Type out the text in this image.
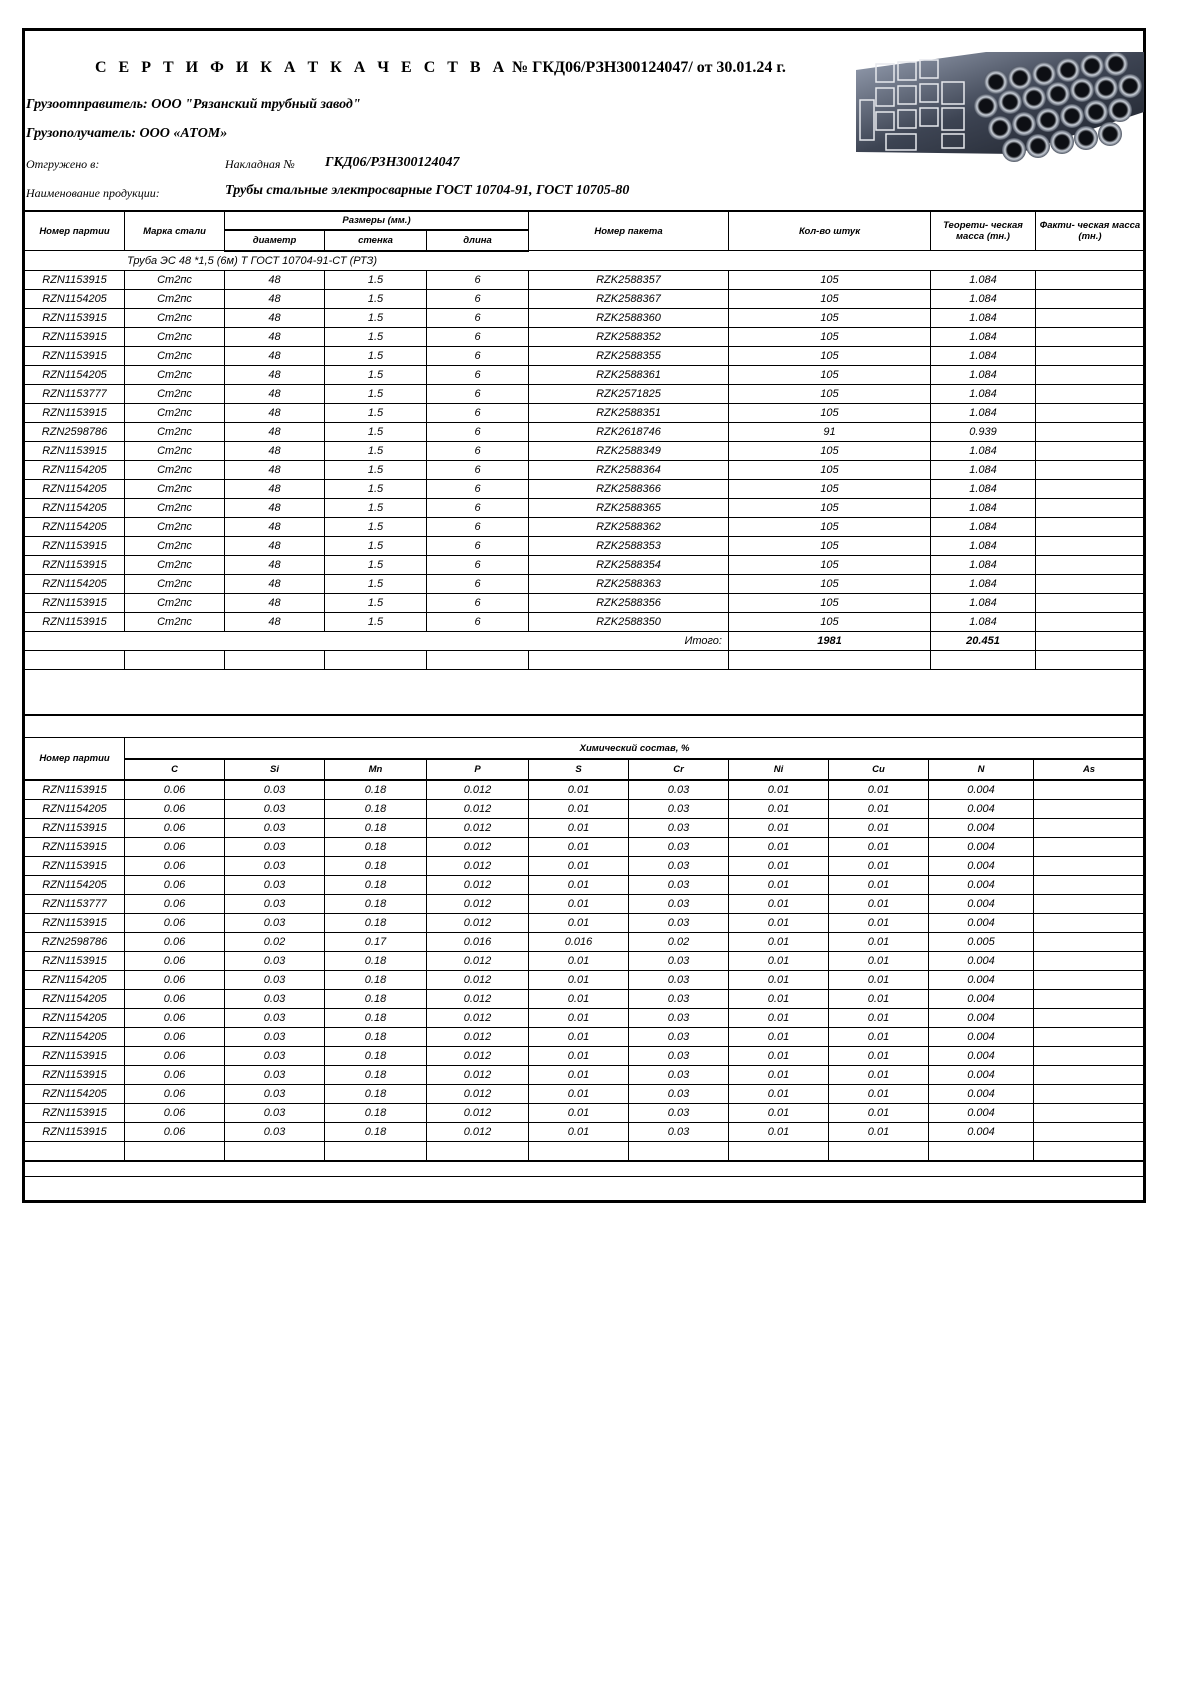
С Е Р Т И Ф И К А Т К А Ч Е С Т В А № ГКД06/РЗН300124047/ от 30.01.24 г.
Грузоотправитель: ООО "Рязанский трубный завод"
Грузополучатель: ООО «АТОМ»
Отгружено в:	Накладная № ГКД06/РЗН300124047
Наименование продукции:	Трубы стальные электросварные ГОСТ 10704-91, ГОСТ 10705-80
Номер партии	Марка стали	Размеры (мм.)			Номер пакета	Кол-во штук	Теорети- ческая масса (тн.)	Факти- ческая масса (тн.)
		диаметр	стенка	длина				
Труба ЭС 48 *1,5 (6м) Т ГОСТ 10704-91-СТ (РТЗ)								
RZN1153915	Ст2пс	48	1.5	6	RZK2588357	105	1.084	
RZN1154205	Ст2пс	48	1.5	6	RZK2588367	105	1.084	
RZN1153915	Ст2пс	48	1.5	6	RZK2588360	105	1.084	
RZN1153915	Ст2пс	48	1.5	6	RZK2588352	105	1.084	
RZN1153915	Ст2пс	48	1.5	6	RZK2588355	105	1.084	
RZN1154205	Ст2пс	48	1.5	6	RZK2588361	105	1.084	
RZN1153777	Ст2пс	48	1.5	6	RZK2571825	105	1.084	
RZN1153915	Ст2пс	48	1.5	6	RZK2588351	105	1.084	
RZN2598786	Ст2пс	48	1.5	6	RZK2618746	91	0.939	
RZN1153915	Ст2пс	48	1.5	6	RZK2588349	105	1.084	
RZN1154205	Ст2пс	48	1.5	6	RZK2588364	105	1.084	
RZN1154205	Ст2пс	48	1.5	6	RZK2588366	105	1.084	
RZN1154205	Ст2пс	48	1.5	6	RZK2588365	105	1.084	
RZN1154205	Ст2пс	48	1.5	6	RZK2588362	105	1.084	
RZN1153915	Ст2пс	48	1.5	6	RZK2588353	105	1.084	
RZN1153915	Ст2пс	48	1.5	6	RZK2588354	105	1.084	
RZN1154205	Ст2пс	48	1.5	6	RZK2588363	105	1.084	
RZN1153915	Ст2пс	48	1.5	6	RZK2588356	105	1.084	
RZN1153915	Ст2пс	48	1.5	6	RZK2588350	105	1.084	
Итого:						1981	20.451	

Номер партии	Химический состав, %									
	C	Si	Mn	P	S	Cr	Ni	Cu	N	As
RZN1153915	0.06	0.03	0.18	0.012	0.01	0.03	0.01	0.01	0.004	
RZN1154205	0.06	0.03	0.18	0.012	0.01	0.03	0.01	0.01	0.004	
RZN1153915	0.06	0.03	0.18	0.012	0.01	0.03	0.01	0.01	0.004	
RZN1153915	0.06	0.03	0.18	0.012	0.01	0.03	0.01	0.01	0.004	
RZN1153915	0.06	0.03	0.18	0.012	0.01	0.03	0.01	0.01	0.004	
RZN1154205	0.06	0.03	0.18	0.012	0.01	0.03	0.01	0.01	0.004	
RZN1153777	0.06	0.03	0.18	0.012	0.01	0.03	0.01	0.01	0.004	
RZN1153915	0.06	0.03	0.18	0.012	0.01	0.03	0.01	0.01	0.004	
RZN2598786	0.06	0.02	0.17	0.016	0.016	0.02	0.01	0.01	0.005	
RZN1153915	0.06	0.03	0.18	0.012	0.01	0.03	0.01	0.01	0.004	
RZN1154205	0.06	0.03	0.18	0.012	0.01	0.03	0.01	0.01	0.004	
RZN1154205	0.06	0.03	0.18	0.012	0.01	0.03	0.01	0.01	0.004	
RZN1154205	0.06	0.03	0.18	0.012	0.01	0.03	0.01	0.01	0.004	
RZN1154205	0.06	0.03	0.18	0.012	0.01	0.03	0.01	0.01	0.004	
RZN1153915	0.06	0.03	0.18	0.012	0.01	0.03	0.01	0.01	0.004	
RZN1153915	0.06	0.03	0.18	0.012	0.01	0.03	0.01	0.01	0.004	
RZN1154205	0.06	0.03	0.18	0.012	0.01	0.03	0.01	0.01	0.004	
RZN1153915	0.06	0.03	0.18	0.012	0.01	0.03	0.01	0.01	0.004	
RZN1153915	0.06	0.03	0.18	0.012	0.01	0.03	0.01	0.01	0.004	
